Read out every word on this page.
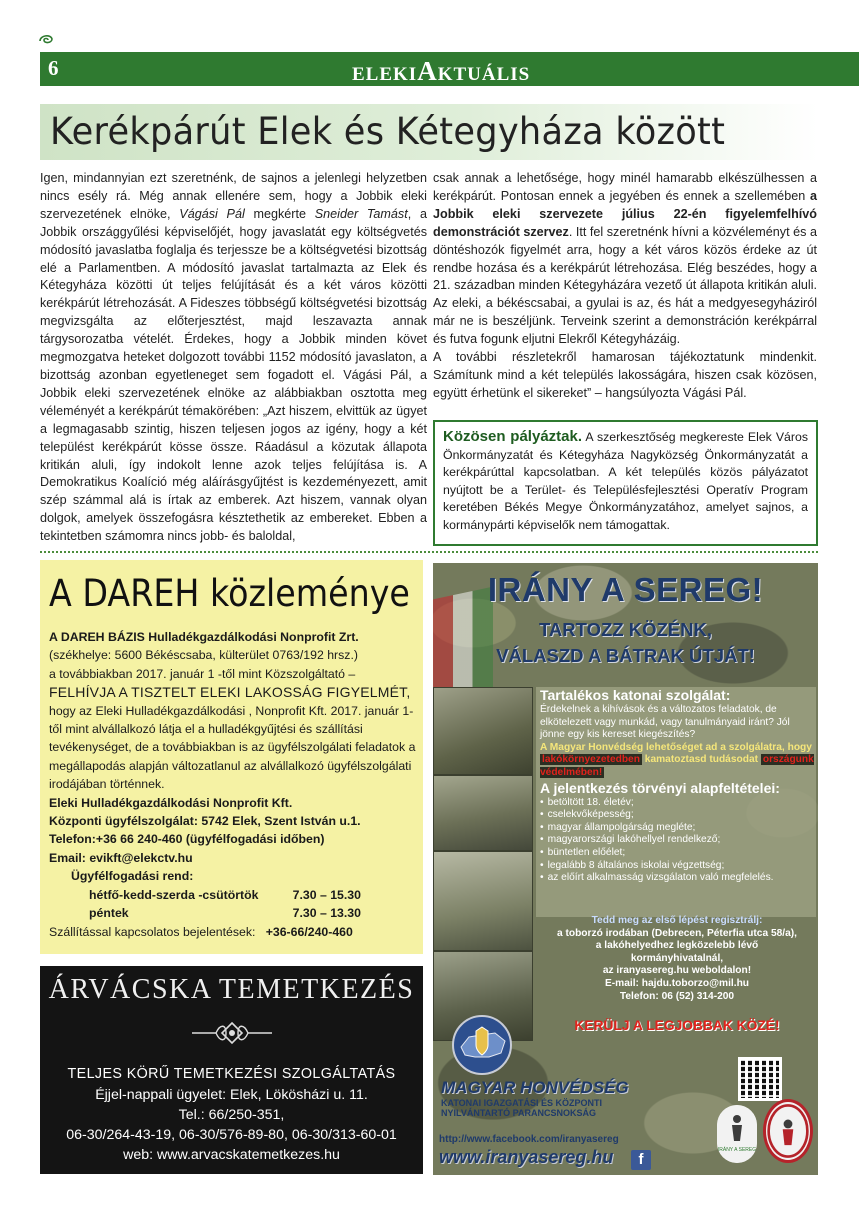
6	ELEKIAKTUÁLIS
Kerékpárút Elek és Kétegyháza között

Igen, mindannyian ezt szeretnénk, de sajnos a jelenlegi helyzetben nincs esély rá. Még annak ellenére sem, hogy a Jobbik eleki szervezetének elnöke, Vágási Pál megkérte Sneider Tamást, a Jobbik országgyűlési képviselőjét, hogy javaslatát egy költségvetés módosító javaslatba foglalja és terjessze be a költségvetési bizottság elé a Parlamentben. A módosító javaslat tartalmazta az Elek és Kétegyháza közötti út teljes felújítását és a két város közötti kerékpárút létrehozását. A Fideszes többségű költségvetési bizottság megvizsgálta az előterjesztést, majd leszavazta annak tárgysorozatba vételét. Érdekes, hogy a Jobbik minden követ megmozgatva heteket dolgozott további 1152 módosító javaslaton, a bizottság azonban egyetleneget sem fogadott el. Vágási Pál, a Jobbik eleki szervezetének elnöke az alábbiakban osztotta meg véleményét a kerékpárút témakörében: „Azt hiszem, elvittük az ügyet a legmagasabb szintig, hiszen teljesen jogos az igény, hogy a két települést kerékpárút kösse össze. Ráadásul a közutak állapota kritikán aluli, így indokolt lenne azok teljes felújítása is. A Demokratikus Koalíció még aláírásgyűjtést is kezdeményezett, amit szép számmal alá is írtak az emberek. Azt hiszem, vannak olyan dolgok, amelyek összefogásra késztethetik az embereket. Ebben a tekintetben számomra nincs jobb- és baloldal,

csak annak a lehetősége, hogy minél hamarabb elkészülhessen a kerékpárút. Pontosan ennek a jegyében és ennek a szellemében a Jobbik eleki szervezete július 22-én figyelemfelhívó demonstrációt szervez. Itt fel szeretnénk hívni a közvéleményt és a döntéshozók figyelmét arra, hogy a két város közös érdeke az út rendbe hozása és a kerékpárút létrehozása. Elég beszédes, hogy a 21. században minden Kétegyházára vezető út állapota kritikán aluli. Az eleki, a békéscsabai, a gyulai is az, és hát a medgyesegyháziról már ne is beszéljünk. Terveink szerint a demonstráción kerékpárral és futva fogunk eljutni Elekről Kétegyházáig.

A további részletekről hamarosan tájékoztatunk mindenkit. Számítunk mind a két település lakosságára, hiszen csak közösen, együtt érhetünk el sikereket” – hangsúlyozta Vágási Pál.

Közösen pályáztak. A szerkesztőség megkereste Elek Város Önkormányzatát és Kétegyháza Nagyközség Önkormányzatát a kerékpárúttal kapcsolatban. A két település közös pályázatot nyújtott be a Terület- és Településfejlesztési Operatív Program keretében Békés Megye Önkormányzatához, amelyet sajnos, a kormánypárti képviselők nem támogattak.
A DAREH közleménye
A DAREH BÁZIS Hulladékgazdálkodási Nonprofit Zrt.
(székhelye: 5600 Békéscsaba, külterület 0763/192 hrsz.)
a továbbiakban 2017. január 1 -től mint Közszolgáltató –
FELHÍVJA A TISZTELT ELEKI LAKOSSÁG FIGYELMÉT,
hogy az Eleki Hulladékgazdálkodási , Nonprofit Kft. 2017. január 1-től mint alvállalkozó látja el a hulladékgyűjtési és szállítási tevékenységet, de a továbbiakban is az ügyfélszolgálati feladatok a megállapodás alapján változatlanul az alvállalkozó ügyfélszolgálati irodájában történnek.
Eleki Hulladékgazdálkodási Nonprofit Kft.
Központi ügyfélszolgálat: 5742 Elek, Szent István u.1.
Telefon:+36 66 240-460 (ügyfélfogadási időben)
Email: evikft@elekctv.hu
Ügyfélfogadási rend:
hétfő-kedd-szerda -csütörtök	7.30 – 15.30
péntek	7.30 – 13.30
Szállítással kapcsolatos bejelentések: +36-66/240-460
ÁRVÁCSKA TEMETKEZÉS
TELJES KÖRŰ TEMETKEZÉSI SZOLGÁLTATÁS
Éjjel-nappali ügyelet: Elek, Lökösházi u. 11.
Tel.: 66/250-351,
06-30/264-43-19, 06-30/576-89-80, 06-30/313-60-01
web: www.arvacskatemetkezes.hu
IRÁNY A SEREG!
TARTOZZ KÖZÉNK,
VÁLASZD A BÁTRAK ÚTJÁT!
Tartalékos katonai szolgálat:
Érdekelnek a kihívások és a változatos feladatok, de elkötelezett vagy munkád, vagy tanulmányaid iránt? Jól jönne egy kis kereset kiegészítés?
A Magyar Honvédség lehetőséget ad a szolgálatra, hogy lakókörnyezetedben kamatoztasd tudásodat országunk védelmében!
A jelentkezés törvényi alapfeltételei:
• betöltött 18. életév;
• cselekvőképesség;
• magyar állampolgárság megléte;
• magyarországi lakóhellyel rendelkező;
• büntetlen előélet;
• legalább 8 általános iskolai végzettség;
• az előírt alkalmasság vizsgálaton való megfelelés.
Tedd meg az első lépést regisztrálj:
a toborzó irodában (Debrecen, Péterfia utca 58/a),
a lakóhelyedhez legközelebb lévő
kormányhivatalnál,
az iranyasereg.hu weboldalon!
E-mail: hajdu.toborzo@mil.hu
Telefon: 06 (52) 314-200
KERÜLJ A LEGJOBBAK KÖZÉ!
MAGYAR HONVÉDSÉG
KATONAI IGAZGATÁSI ÉS KÖZPONTI
NYILVÁNTARTÓ PARANCSNOKSÁG
IRÁNY A SEREG
http://www.facebook.com/iranyasereg
www.iranyasereg.hu	f
